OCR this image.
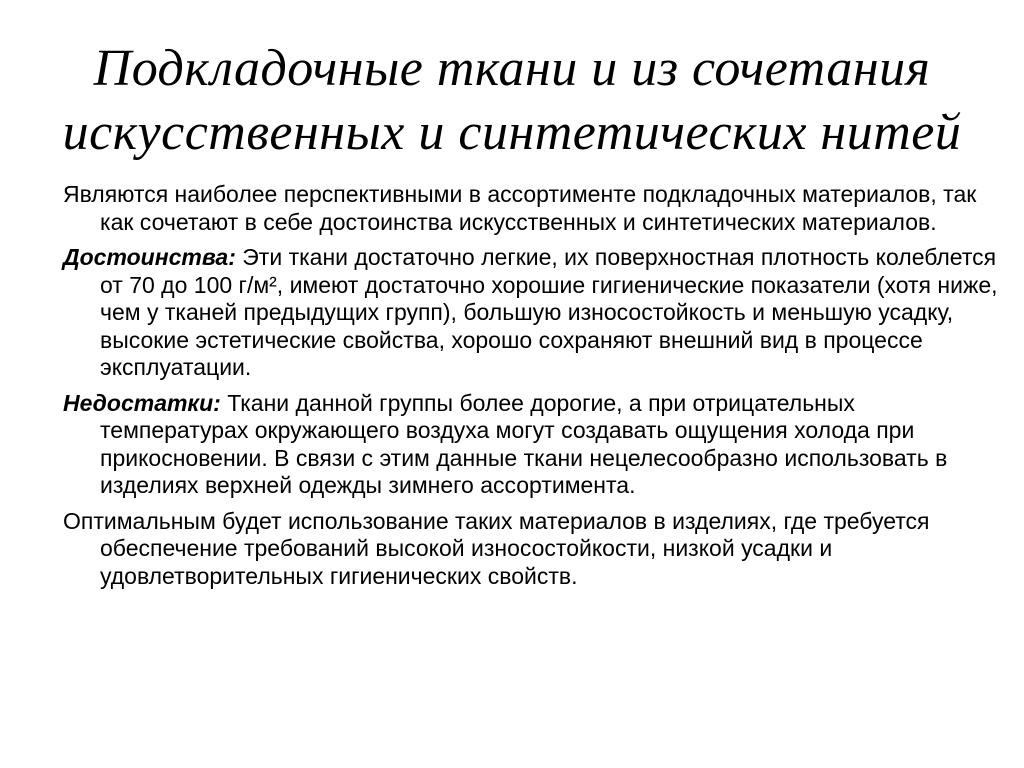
Подкладочные ткани и из сочетания искусственных и синтетических нитей

Являются наиболее перспективными в ассортименте подкладочных материалов, так как сочетают в себе достоинства искусственных и синтетических материалов.

Достоинства: Эти ткани достаточно легкие, их поверхностная плотность колеблется от 70 до 100 г/м², имеют достаточно хорошие гигиенические показатели (хотя ниже, чем у тканей предыдущих групп), большую износостойкость и меньшую усадку, высокие эстетические свойства, хорошо сохраняют внешний вид в процессе эксплуатации.

Недостатки: Ткани данной группы более дорогие, а при отрицательных температурах окружающего воздуха могут создавать ощущения холода при прикосновении. В связи с этим данные ткани нецелесообразно использовать в изделиях верхней одежды зимнего ассортимента.

Оптимальным будет использование таких материалов в изделиях, где требуется обеспечение требований высокой износостойкости, низкой усадки и удовлетворительных гигиенических свойств.
